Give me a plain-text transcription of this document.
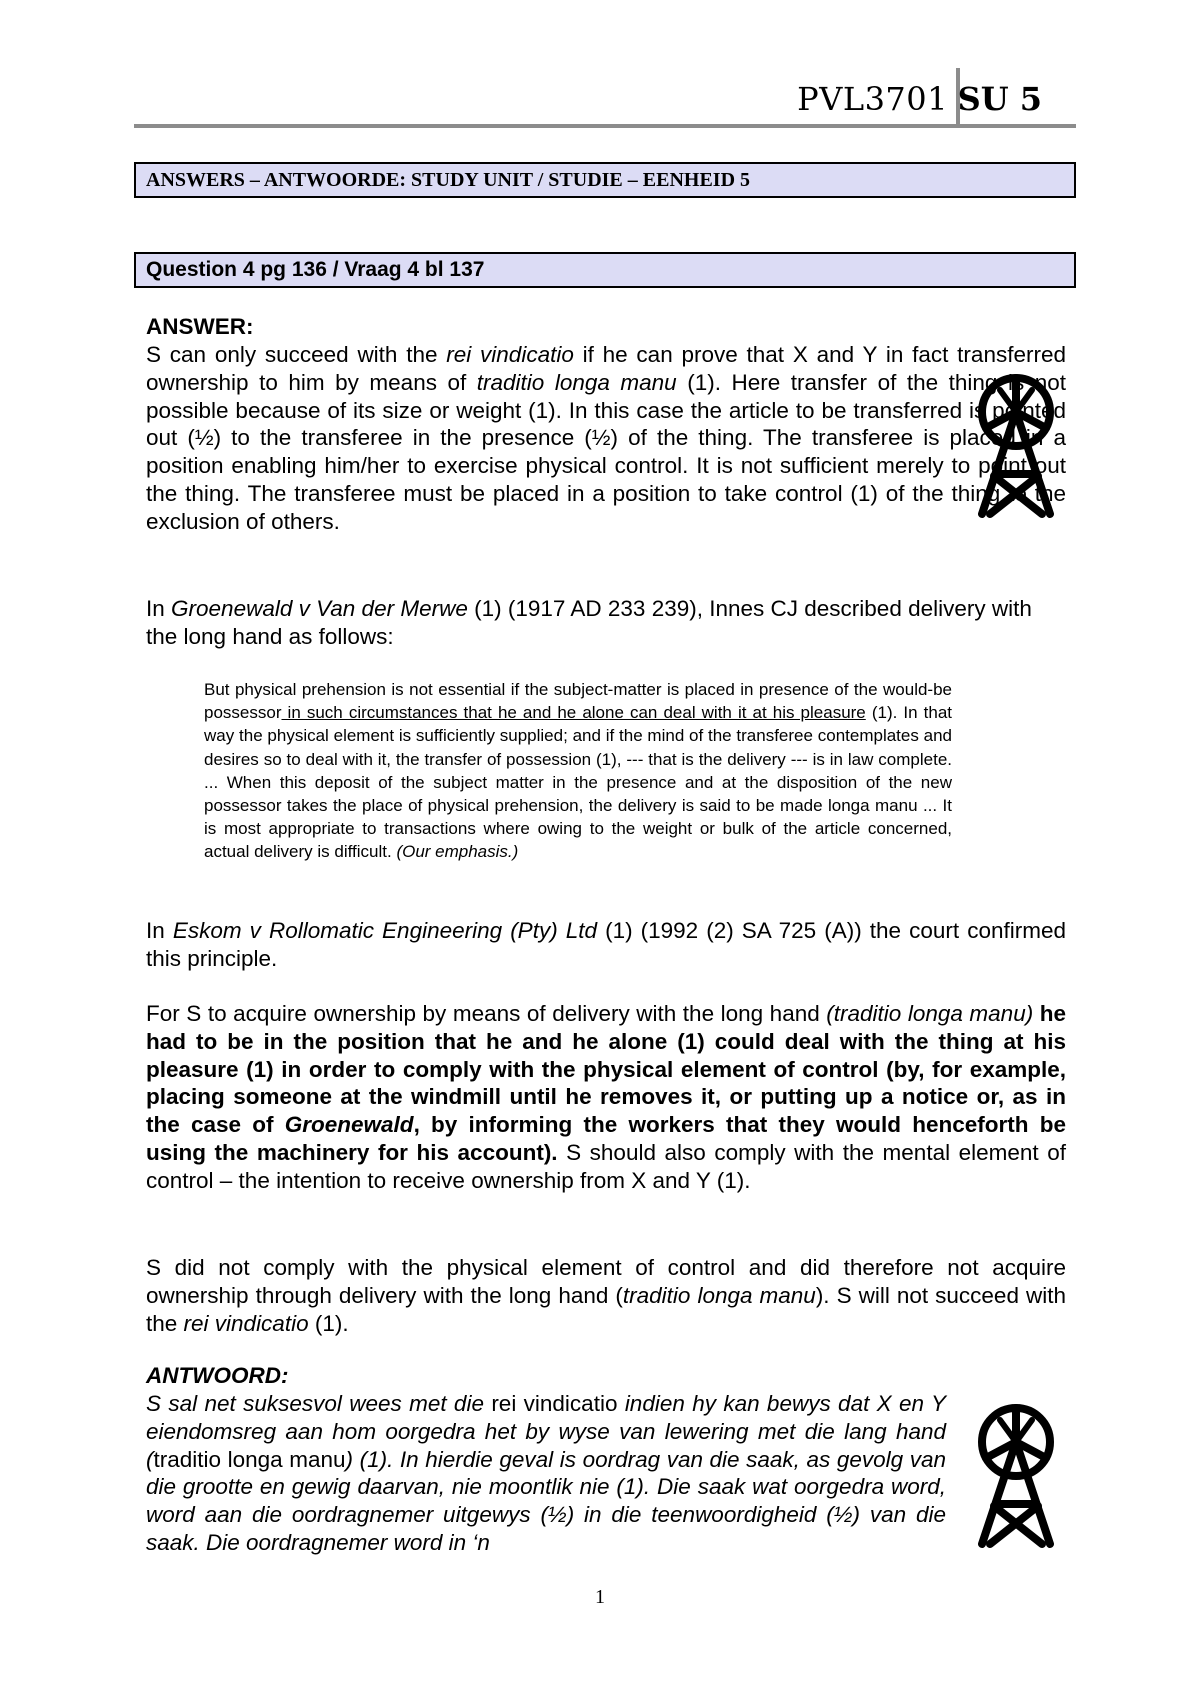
PVL3701 SU 5
ANSWERS – ANTWOORDE: STUDY UNIT / STUDIE – EENHEID 5
Question 4 pg 136 / Vraag 4 bl 137

ANSWER:

S can only succeed with the rei vindicatio if he can prove that X and Y in fact transferred ownership to him by means of traditio longa manu (1). Here transfer of the thing is not possible because of its size or weight (1). In this case the article to be transferred is pointed out (½) to the transferee in the presence (½) of the thing. The transferee is placed in a position enabling him/her to exercise physical control. It is not sufficient merely to point out the thing. The transferee must be placed in a position to take control (1) of the thing to the exclusion of others.

In Groenewald v Van der Merwe (1) (1917 AD 233 239), Innes CJ described delivery with the long hand as follows:

But physical prehension is not essential if the subject-matter is placed in presence of the would-be possessor in such circumstances that he and he alone can deal with it at his pleasure (1). In that way the physical element is sufficiently supplied; and if the mind of the transferee contemplates and desires so to deal with it, the transfer of possession (1), --- that is the delivery --- is in law complete. ... When this deposit of the subject matter in the presence and at the disposition of the new possessor takes the place of physical prehension, the delivery is said to be made longa manu ... It is most appropriate to transactions where owing to the weight or bulk of the article concerned, actual delivery is difficult. (Our emphasis.)

In Eskom v Rollomatic Engineering (Pty) Ltd (1) (1992 (2) SA 725 (A)) the court confirmed this principle.

For S to acquire ownership by means of delivery with the long hand (traditio longa manu) he had to be in the position that he and he alone (1) could deal with the thing at his pleasure (1) in order to comply with the physical element of control (by, for example, placing someone at the windmill until he removes it, or putting up a notice or, as in the case of Groenewald, by informing the workers that they would henceforth be using the machinery for his account). S should also comply with the mental element of control – the intention to receive ownership from X and Y (1).

S did not comply with the physical element of control and did therefore not acquire ownership through delivery with the long hand (traditio longa manu). S will not succeed with the rei vindicatio (1).

ANTWOORD:

S sal net suksesvol wees met die rei vindicatio indien hy kan bewys dat X en Y eiendomsreg aan hom oorgedra het by wyse van lewering met die lang hand (traditio longa manu) (1). In hierdie geval is oordrag van die saak, as gevolg van die grootte en gewig daarvan, nie moontlik nie (1). Die saak wat oorgedra word, word aan die oordragnemer uitgewys (½) in die teenwoordigheid (½) van die saak. Die oordragnemer word in ‘n

1
